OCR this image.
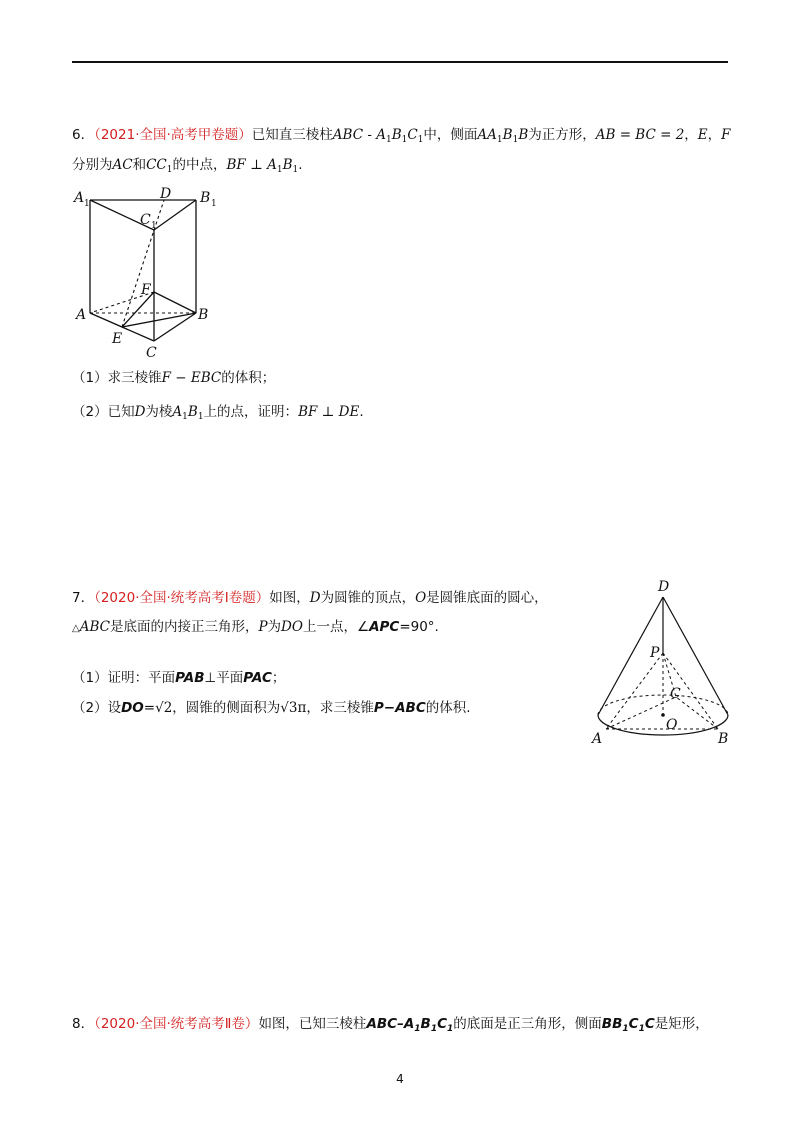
6．（2021·全国·高考甲卷题）已知直三棱柱ABC - $A_1B_1C_1$中，侧面$AA_1B_1B$为正方形，AB = BC = 2，E，F
分别为AC和$CC_1$的中点，BF ⊥ $A_1B_1$.
A 1
D B 1
C 1
F
A	B
E
C
（1）求三棱锥F − EBC的体积；
（2）已知D为棱$A_1B_1$上的点，证明：BF ⊥ DE.
7．（2020·全国·统考高考Ⅰ卷题）如图，D为圆锥的顶点，O是圆锥底面的圆心，
△ABC是底面的内接正三角形，P为DO上一点，∠APC=90°.
（1）证明：平面PAB⊥平面PAC；
（2）设DO=√2，圆锥的侧面积为√3π，求三棱锥P−ABC的体积.
D
P
C
O
A	B
8．（2020·全国·统考高考Ⅱ卷）如图，已知三棱柱ABC–$A_1B_1C_1$的底面是正三角形，侧面$BB_1C_1C$是矩形，
4
